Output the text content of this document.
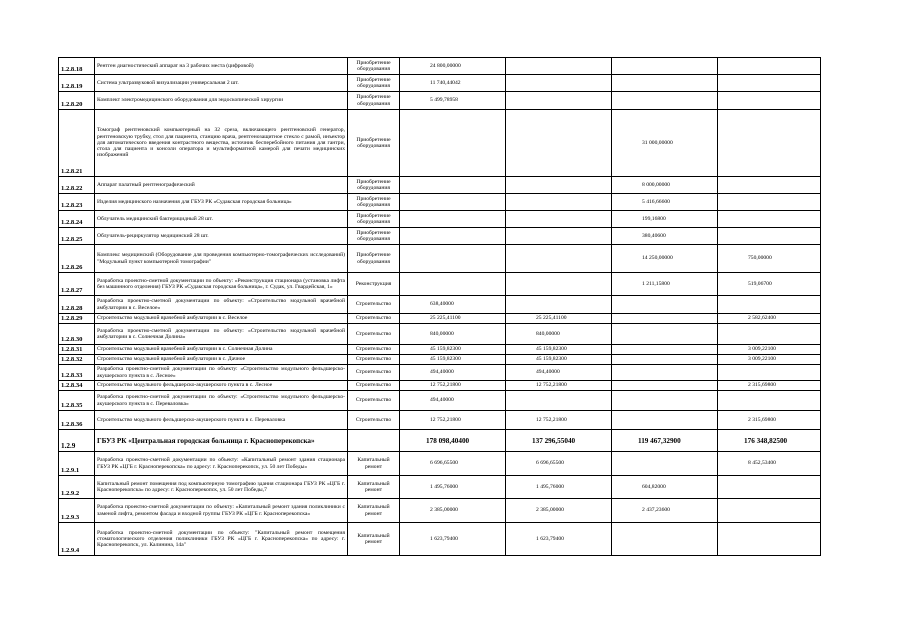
1.2.8.18	Рентген диагностический аппарат на 3 рабочих места (цифровой)	Приобретение оборудования	24 800,00000			
1.2.8.19	Система ультразвуковой визуализации универсальная 2 шт.	Приобретение оборудования	11 740,44042			
1.2.8.20	Комплект электромедицинского оборудования для эндоскопической хирургии	Приобретение оборудования	5 499,78958			
1.2.8.21	Томограф рентгеновский компьютерный на 32 среза, включающего рентгеновский генератор, рентгеновскую трубку, стол для пациента, станцию врача, рентгенозащитное стекло с рамой, инъектор для автоматического введения контрастного вещества, источник бесперебойного питания для гантри, стола для пациента и консоли оператора и мультиформатной камерой для печати медицинских изображений	Приобретение оборудования			31 000,00000	
1.2.8.22	Аппарат палатный рентгенографический	Приобретение оборудования			8 000,00000	
1.2.8.23	Изделия медицинского назначения для ГБУЗ РК «Судакская городская больница»	Приобретение оборудования			5 416,66600	
1.2.8.24	Облучатель медицинский бактерицидный 28 шт.	Приобретение оборудования			199,16800	
1.2.8.25	Облучатель-рециркулятор медицинский 28 шт.	Приобретение оборудования			380,40600	
1.2.8.26	Комплекс медицинский (Оборудование для проведения компьютерно-томографических исследований) "Модульный пункт компьютерной томографии"	Приобретение оборудования			14 250,00000	750,00000
1.2.8.27	Разработка проектно-сметной документации по объекту: «Реконструкция стационара (установка лифта без машинного отделения) ГБУЗ РК «Судакская городская больница», г. Судак, ул. Гвардейская, 1»	Реконструкция			1 211,15800	519,06700
1.2.8.28	Разработка проектно-сметной документации по объекту: «Строительство модульной врачебной амбулатории в с. Веселое»	Строительство	638,40000			
1.2.8.29	Строительство модульной врачебной амбулатории в с. Веселое	Строительство	25 225,41100	25 225,41100		2 582,62400
1.2.8.30	Разработка проектно-сметной документации по объекту: «Строительство модульной врачебной амбулатории в с. Солнечная Долина»	Строительство	840,00000	840,00000		
1.2.8.31	Строительство модульной врачебной амбулатории в с. Солнечная Долина	Строительство	45 159,82300	45 159,82300		3 009,22100
1.2.8.32	Строительство модульной врачебной амбулатории в с. Дачное	Строительство	45 159,82300	45 159,82300		3 009,22100
1.2.8.33	Разработка проектно-сметной документации по объекту: «Строительство модульного фельдшерско-акушерского пункта в с. Лесное»	Строительство	494,40000	494,40000		
1.2.8.34	Строительство модульного фельдшерско-акушерского пункта в с. Лесное	Строительство	12 752,21800	12 752,21800		2 315,69800
1.2.8.35	Разработка проектно-сметной документации по объекту: «Строительство модульного фельдшерско-акушерского пункта в с. Переваловка»	Строительство	494,40000			
1.2.8.36	Строительство модульного фельдшерско-акушерского пункта в с. Переваловка	Строительство	12 752,21800	12 752,21800		2 315,69800
1.2.9	ГБУЗ РК «Центральная городская больница г. Красноперекопска»		178 098,40400	137 296,55040	119 467,32900	176 348,82500
1.2.9.1	Разработка проектно-сметной документации по объекту: «Капитальный ремонт здания стационара ГБУЗ РК «ЦГБ г. Красноперекопска» по адресу: г. Красноперекопск, ул. 50 лет Победы»	Капитальный ремонт	6 696,65500	6 696,65500		8 452,53400
1.2.9.2	Капитальный ремонт помещения под компьютерную томографию здания стационара ГБУЗ РК «ЦГБ г. Красноперекопска» по адресу: г. Красноперекопск, ул. 50 лет Победы,7	Капитальный ремонт	1 495,76000	1 495,76000	604,82000	
1.2.9.3	Разработка проектно-сметной документации по объекту: «Капитальный ремонт здания поликлиники с заменой лифта, ремонтом фасада и входной группы ГБУЗ РК «ЦГБ г. Красноперекопска»	Капитальный ремонт	2 385,00000	2 385,00000	2 437,23600	
1.2.9.4	Разработка проектно-сметной документации по объекту: "Капитальный ремонт помещения стоматологического отделения поликлиники ГБУЗ РК «ЦГБ г. Красноперекопска» по адресу: г. Красноперекопск, ул. Калинина, 14а"	Капитальный ремонт	1 623,79400	1 623,79400		
